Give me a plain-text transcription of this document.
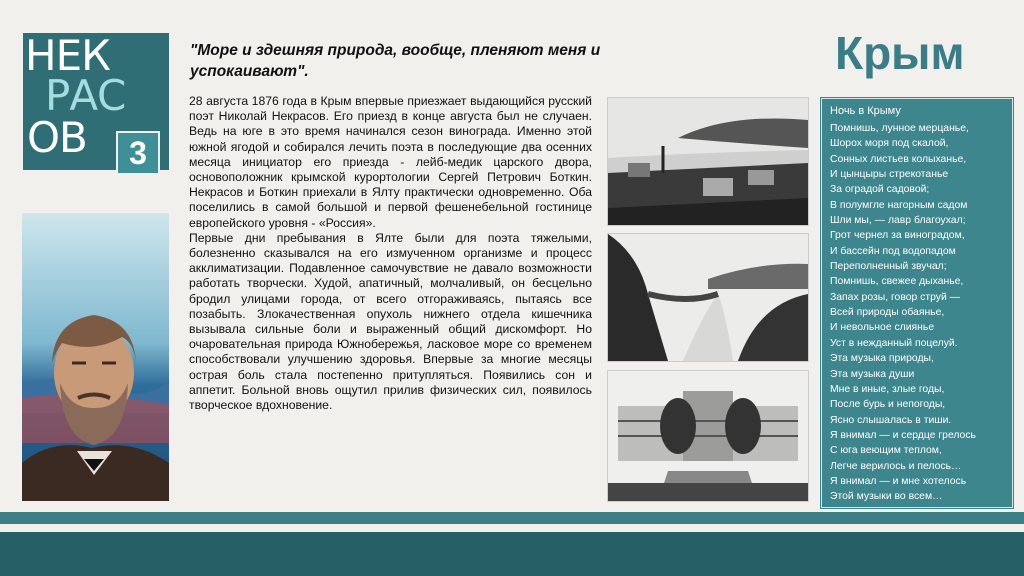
НЕК
РАС
ОВ	3
Крым
"Море и здешняя природа, вообще, пленяют меня и успокаивают".

28 августа 1876 года в Крым впервые приезжает выдающийся русский поэт Николай Некрасов. Его приезд в конце августа был не случаен. Ведь на юге в это время начинался сезон винограда. Именно этой южной ягодой и собирался лечить поэта в последующие два осенних месяца инициатор его приезда - лейб-медик царского двора, основоположник крымской курортологии Сергей Петрович Боткин. Некрасов и Боткин приехали в Ялту практически одновременно. Оба поселились в самой большой и первой фешенебельной гостинице европейского уровня - «Россия».

Первые дни пребывания в Ялте были для поэта тяжелыми, болезненно сказывался на его измученном организме и процесс акклиматизации. Подавленное самочувствие не давало возможности работать творчески. Худой, апатичный, молчаливый, он бесцельно бродил улицами города, от всего отгораживаясь, пытаясь все позабыть. Злокачественная опухоль нижнего отдела кишечника вызывала сильные боли и выраженный общий дискомфорт. Но очаровательная природа Южнобережья, ласковое море со временем способствовали улучшению здоровья. Впервые за многие месяцы острая боль стала постепенно притупляться. Появились сон и аппетит. Больной вновь ощутил прилив физических сил, появилось творческое вдохновение.

Ночь в Крыму
Помнишь, лунное мерцанье,
Шорох моря под скалой,
Сонных листьев колыханье,
И цынцыры стрекотанье
За оградой садовой;
В полумгле нагорным садом
Шли мы, — лавр благоухал;
Грот чернел за виноградом,
И бассейн под водопадом
Переполненный звучал;
Помнишь, свежее дыханье,
Запах розы, говор струй —
Всей природы обаянье,
И невольное слиянье
Уст в нежданный поцелуй.
Эта музыка природы,
Эта музыка души
Мне в иные, злые годы,
После бурь и непогоды,
Ясно слышалась в тиши.
Я внимал — и сердце грелось
С юга веющим теплом,
Легче верилось и пелось…
Я внимал — и мне хотелось
Этой музыки во всем…
